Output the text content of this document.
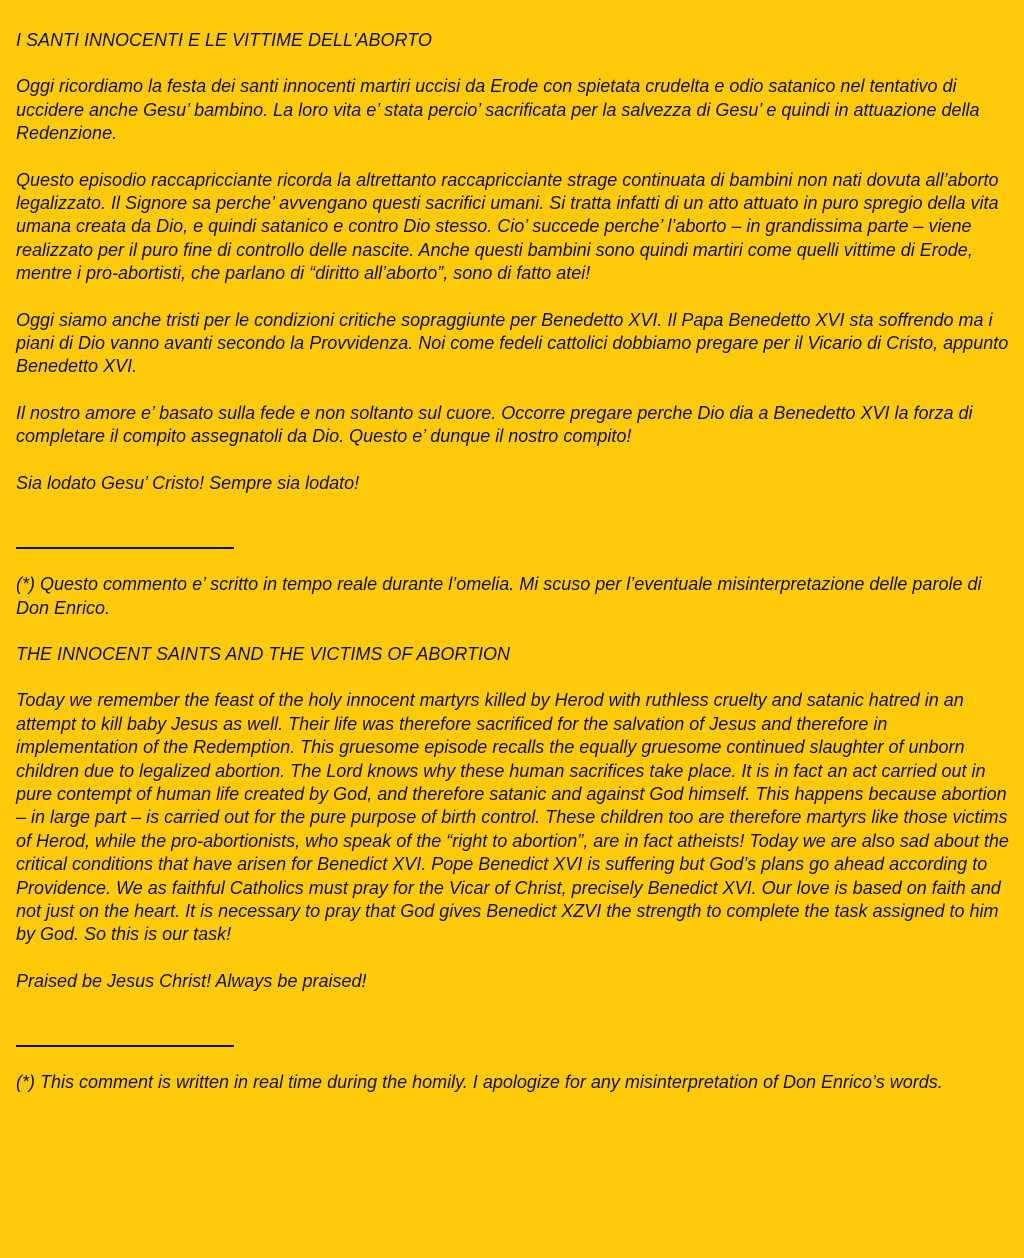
I SANTI INNOCENTI E LE VITTIME DELL'ABORTO

Oggi ricordiamo la festa dei santi innocenti martiri uccisi da Erode con spietata crudelta e odio satanico nel tentativo di uccidere anche Gesu’ bambino. La loro vita e’ stata percio’ sacrificata per la salvezza di Gesu’ e quindi in attuazione della Redenzione.

Questo episodio raccapricciante ricorda la altrettanto raccapricciante strage continuata di bambini non nati dovuta all’aborto legalizzato. Il Signore sa perche’ avvengano questi sacrifici umani. Si tratta infatti di un atto attuato in puro spregio della vita umana creata da Dio, e quindi satanico e contro Dio stesso. Cio’ succede perche’ l’aborto – in grandissima parte – viene realizzato per il puro fine di controllo delle nascite. Anche questi bambini sono quindi martiri come quelli vittime di Erode, mentre i pro-abortisti, che parlano di “diritto all’aborto”, sono di fatto atei!

Oggi siamo anche tristi per le condizioni critiche sopraggiunte per Benedetto XVI. Il Papa Benedetto XVI sta soffrendo ma i piani di Dio vanno avanti secondo la Provvidenza. Noi come fedeli cattolici dobbiamo pregare per il Vicario di Cristo, appunto Benedetto XVI.

Il nostro amore e’ basato sulla fede e non soltanto sul cuore. Occorre pregare perche Dio dia a Benedetto XVI la forza di completare il compito assegnatoli da Dio. Questo e’ dunque il nostro compito!

Sia lodato Gesu’ Cristo! Sempre sia lodato!

(*) Questo commento e’ scritto in tempo reale durante l’omelia. Mi scuso per l’eventuale misinterpretazione delle parole di Don Enrico.

THE INNOCENT SAINTS AND THE VICTIMS OF ABORTION

Today we remember the feast of the holy innocent martyrs killed by Herod with ruthless cruelty and satanic hatred in an attempt to kill baby Jesus as well. Their life was therefore sacrificed for the salvation of Jesus and therefore in implementation of the Redemption. This gruesome episode recalls the equally gruesome continued slaughter of unborn children due to legalized abortion. The Lord knows why these human sacrifices take place. It is in fact an act carried out in pure contempt of human life created by God, and therefore satanic and against God himself. This happens because abortion – in large part – is carried out for the pure purpose of birth control. These children too are therefore martyrs like those victims of Herod, while the pro-abortionists, who speak of the “right to abortion”, are in fact atheists! Today we are also sad about the critical conditions that have arisen for Benedict XVI. Pope Benedict XVI is suffering but God’s plans go ahead according to Providence. We as faithful Catholics must pray for the Vicar of Christ, precisely Benedict XVI. Our love is based on faith and not just on the heart. It is necessary to pray that God gives Benedict XZVI the strength to complete the task assigned to him by God. So this is our task!

Praised be Jesus Christ! Always be praised!

(*) This comment is written in real time during the homily. I apologize for any misinterpretation of Don Enrico’s words.
